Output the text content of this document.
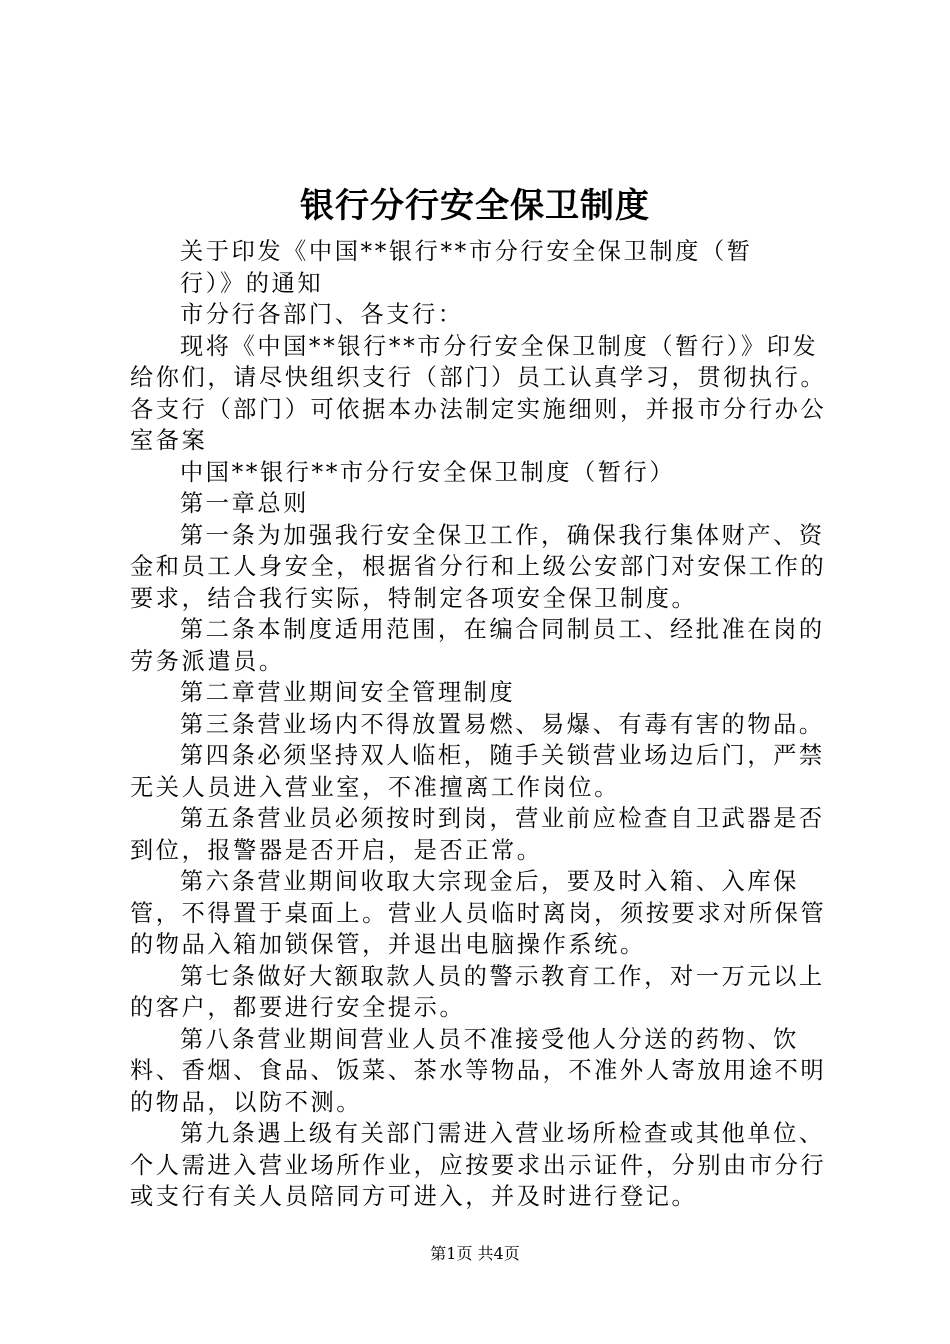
银行分行安全保卫制度

关于印发《中国**银行**市分行安全保卫制度（暂行）》的通知

市分行各部门、各支行：

现将《中国**银行**市分行安全保卫制度（暂行）》印发给你们，请尽快组织支行（部门）员工认真学习，贯彻执行。各支行（部门）可依据本办法制定实施细则，并报市分行办公室备案

中国**银行**市分行安全保卫制度（暂行）

第一章总则

第一条为加强我行安全保卫工作，确保我行集体财产、资金和员工人身安全，根据省分行和上级公安部门对安保工作的要求，结合我行实际，特制定各项安全保卫制度。

第二条本制度适用范围，在编合同制员工、经批准在岗的劳务派遣员。

第二章营业期间安全管理制度

第三条营业场内不得放置易燃、易爆、有毒有害的物品。

第四条必须坚持双人临柜，随手关锁营业场边后门，严禁无关人员进入营业室，不准擅离工作岗位。

第五条营业员必须按时到岗，营业前应检查自卫武器是否到位，报警器是否开启，是否正常。

第六条营业期间收取大宗现金后，要及时入箱、入库保管，不得置于桌面上。营业人员临时离岗，须按要求对所保管的物品入箱加锁保管，并退出电脑操作系统。

第七条做好大额取款人员的警示教育工作，对一万元以上的客户，都要进行安全提示。

第八条营业期间营业人员不准接受他人分送的药物、饮料、香烟、食品、饭菜、茶水等物品，不准外人寄放用途不明的物品，以防不测。

第九条遇上级有关部门需进入营业场所检查或其他单位、个人需进入营业场所作业，应按要求出示证件，分别由市分行或支行有关人员陪同方可进入，并及时进行登记。

第1页 共4页
